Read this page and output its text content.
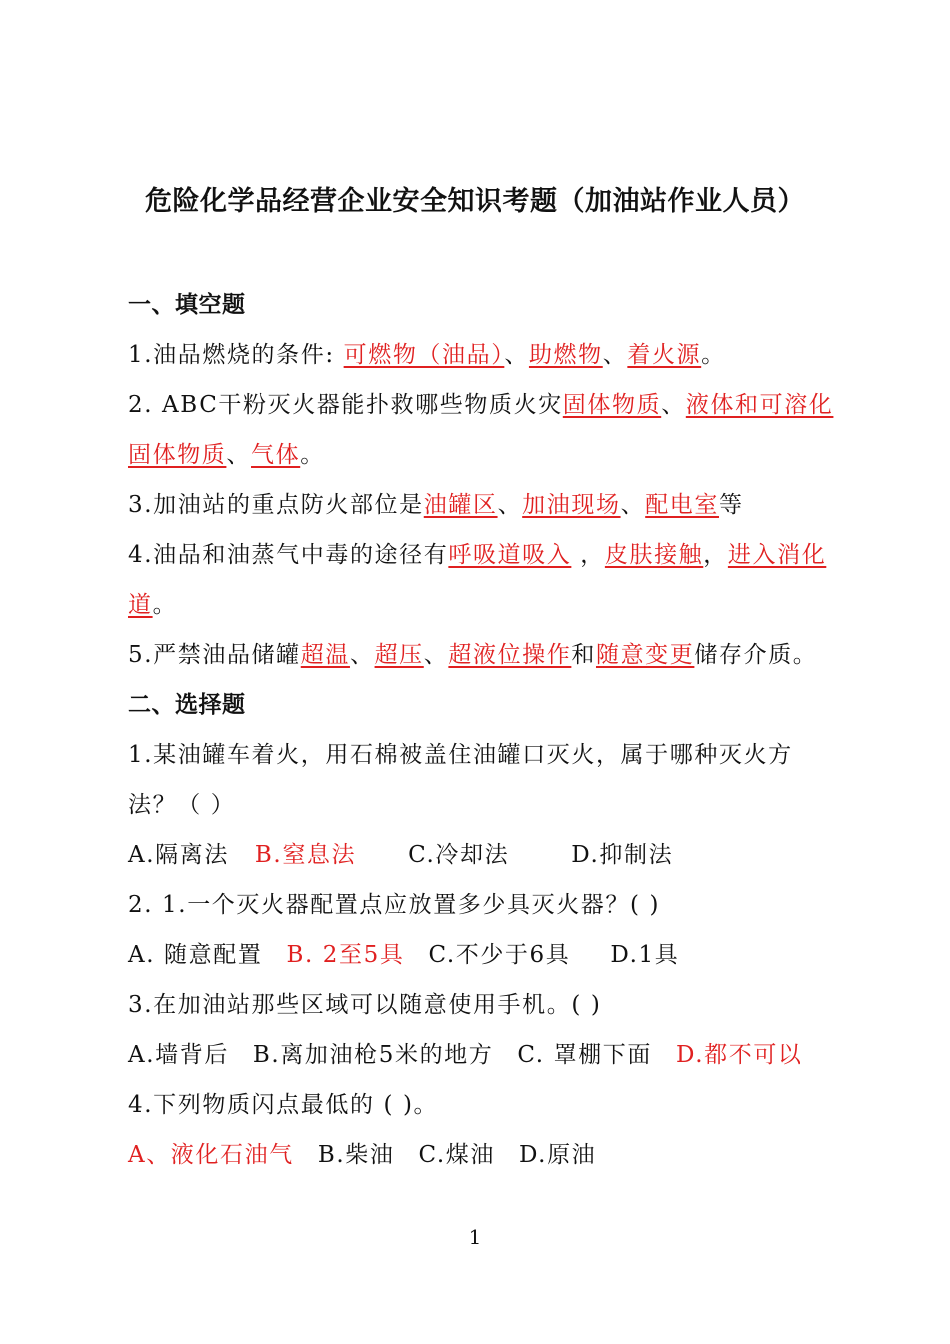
危险化学品经营企业安全知识考题（加油站作业人员）
一、填空题
1.油品燃烧的条件: 可燃物（油品）、助燃物、着火源。
2. ABC干粉灭火器能扑救哪些物质火灾固体物质、液体和可溶化固体物质、气体。
3.加油站的重点防火部位是油罐区、加油现场、配电室等
4.油品和油蒸气中毒的途径有呼吸道吸入 ，皮肤接触，进入消化道。
5.严禁油品储罐超温、超压、超液位操作和随意变更储存介质。
二、选择题
1.某油罐车着火，用石棉被盖住油罐口灭火，属于哪种灭火方法？（ ）
A.隔离法 B.窒息法 C.冷却法	D.抑制法
2. 1.一个灭火器配置点应放置多少具灭火器？( )
A. 随意配置 B. 2至5具 C.不少于6具 D.1具
3.在加油站那些区域可以随意使用手机。( )
A.墙背后 B.离加油枪5米的地方 C. 罩棚下面 D.都不可以
4.下列物质闪点最低的 ( )。
A、液化石油气 B.柴油 C.煤油 D.原油
1
